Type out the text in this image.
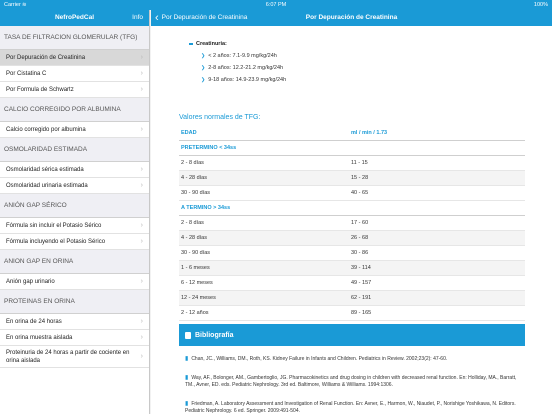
Carrier ≋	6:07 PM	100%
NefroPedCal	Info
TASA DE FILTRACION GLOMERULAR (TFG)
Por Depuración de Creatinina	›
Por Cistatina C	›
Por Formula de Schwartz	›
CALCIO CORREGIDO POR ALBUMINA
Calcio corregido por albumina	›
OSMOLARIDAD ESTIMADA
Osmolaridad sérica estimada	›
Osmolaridad urinaria estimada	›
ANIÓN GAP SÉRICO
Fórmula sin incluir el Potasio Sérico	›
Fórmula incluyendo el Potasio Sérico	›
ANION GAP EN ORINA
Anión gap urinario	›
PROTEINAS EN ORINA
En orina de 24 horas	›
En orina muestra aislada	›
Proteinuria de 24 horas a partir de cociente en orina aislada
›
‹ Por Depuración de Creatinina	Por Depuración de Creatinina
Creatinuria:
❯ < 2 años: 7.1-9.9 mg/kg/24h
❯ 2-8 años: 12.2-21.2 mg/kg/24h
❯ 9-18 años: 14.9-23.9 mg/kg/24h
Valores normales de TFG:
EDAD	ml / min / 1.73
PRETERMINO < 34ss
2 - 8 días	11 - 15
4 - 28 días	15 - 28
30 - 90 días	40 - 65
A TERMINO > 34ss
2 - 8 días	17 - 60
4 - 28 días	26 - 68
30 - 90 días	30 - 86
1 - 6 meses	39 - 114
6 - 12 meses	49 - 157
12 - 24 meses	62 - 191
2 - 12 años	89 - 165
Bibliografía
▮ Chan, JC., Williams, DM., Roth, KS. Kidney Failure in Infants and Children. Pediatrics in Review. 2002;23(2): 47-60.
▮ Way, AF., Bolonger, AM., Gambertoglio, JG. Pharmacokinetics and drug dosing in children with decreased renal function. En: Holliday, MA., Barratt, TM., Avner, ED. eds. Pediatric Nephrology. 3rd ed. Baltimore, Williams & Williams. 1994:1306.
▮ Friedman, A. Laboratory Assessment and Investigation of Renal Function. En: Avner, E., Harmon, W., Niaudet, P., Norishige Yoshikawa, N. Editors. Pediatric Nephrology. 6 ed. Springer. 2009:491-504.
